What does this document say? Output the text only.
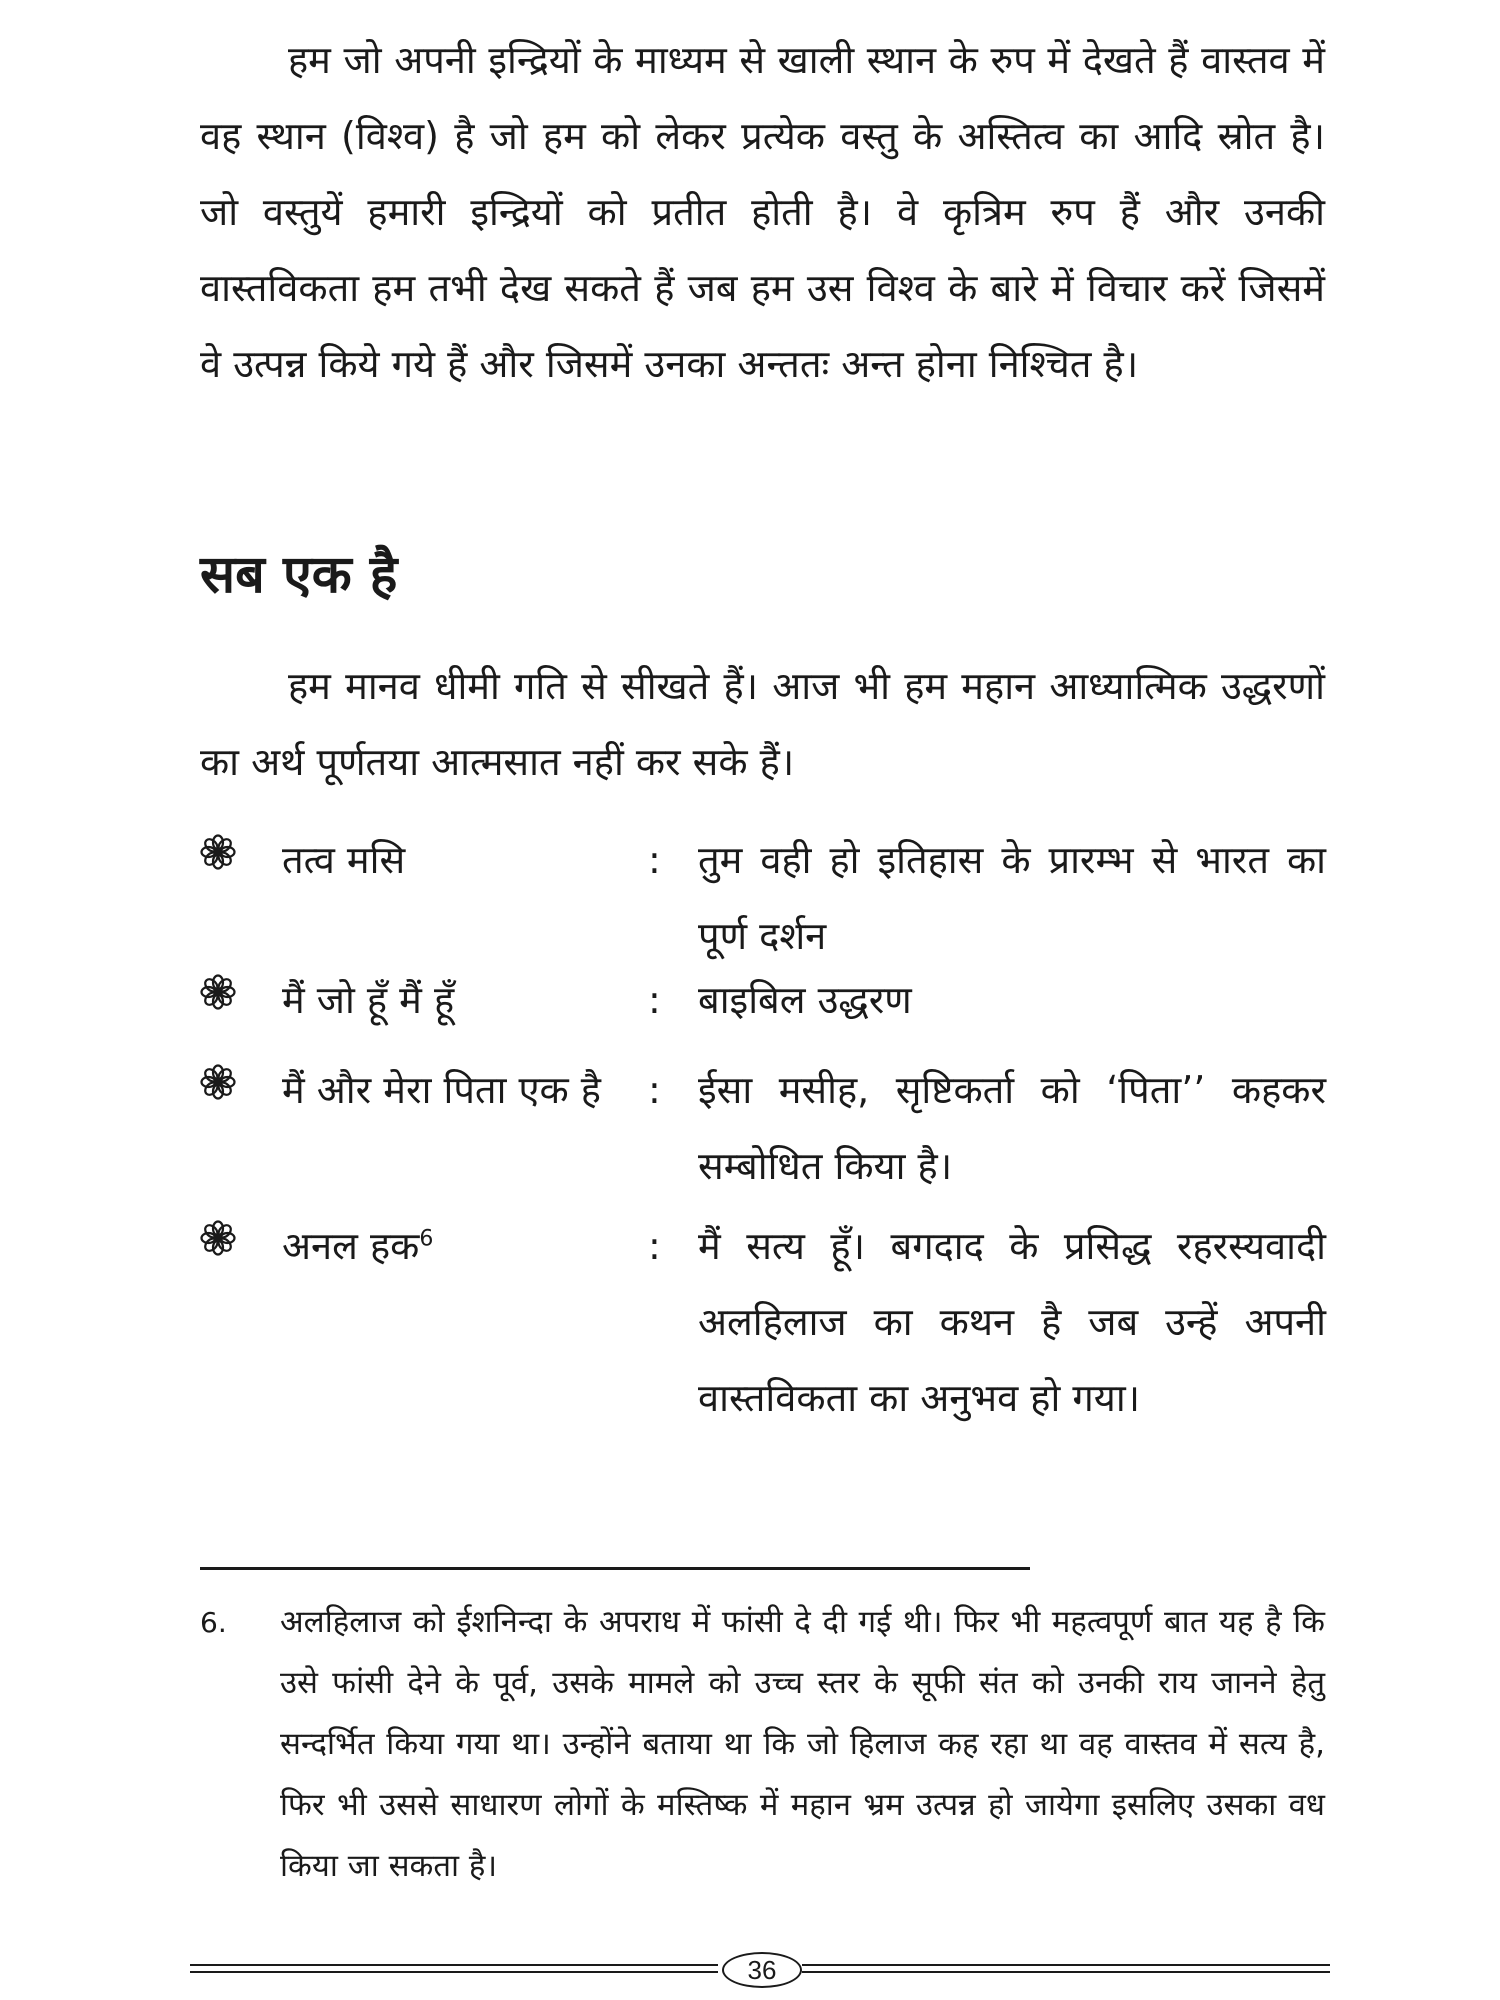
हम जो अपनी इन्द्रियों के माध्यम से खाली स्थान के रुप में देखते हैं वास्तव में वह स्थान (विश्व) है जो हम को लेकर प्रत्येक वस्तु के अस्तित्व का आदि स्रोत है। जो वस्तुयें हमारी इन्द्रियों को प्रतीत होती है। वे कृत्रिम रुप हैं और उनकी वास्तविकता हम तभी देख सकते हैं जब हम उस विश्व के बारे में विचार करें जिसमें वे उत्पन्न किये गये हैं और जिसमें उनका अन्ततः अन्त होना निश्चित है।

सब एक है

हम मानव धीमी गति से सीखते हैं। आज भी हम महान आध्यात्मिक उद्धरणों का अर्थ पूर्णतया आत्मसात नहीं कर सके हैं।

तत्व मसि	: तुम वही हो इतिहास के प्रारम्भ से भारत का पूर्ण दर्शन
मैं जो हूँ मैं हूँ	: बाइबिल उद्धरण
मैं और मेरा पिता एक है	: ईसा मसीह, सृष्टिकर्ता को ‘पिता’’ कहकर सम्बोधित किया है।
अनल हक$^6$	: मैं सत्य हूँ। बगदाद के प्रसिद्ध रहरस्यवादी अलहिलाज का कथन है जब उन्हें अपनी वास्तविकता का अनुभव हो गया।
6. अलहिलाज को ईशनिन्दा के अपराध में फांसी दे दी गई थी। फिर भी महत्वपूर्ण बात यह है कि उसे फांसी देने के पूर्व, उसके मामले को उच्च स्तर के सूफी संत को उनकी राय जानने हेतु सन्दर्भित किया गया था। उन्होंने बताया था कि जो हिलाज कह रहा था वह वास्तव में सत्य है, फिर भी उससे साधारण लोगों के मस्तिष्क में महान भ्रम उत्पन्न हो जायेगा इसलिए उसका वध किया जा सकता है।

36
